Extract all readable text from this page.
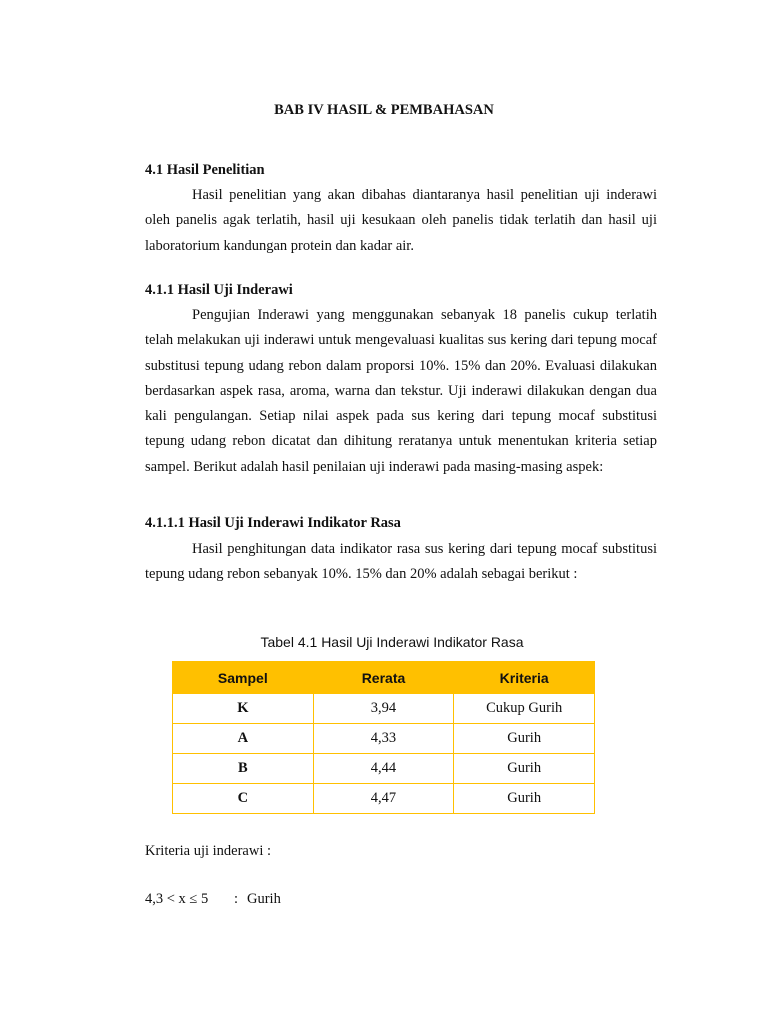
BAB IV HASIL & PEMBAHASAN
4.1 Hasil Penelitian

Hasil penelitian yang akan dibahas diantaranya hasil penelitian uji inderawi oleh panelis agak terlatih, hasil uji kesukaan oleh panelis tidak terlatih dan hasil uji laboratorium kandungan protein dan kadar air.

4.1.1 Hasil Uji Inderawi

Pengujian Inderawi yang menggunakan sebanyak 18 panelis cukup terlatih telah melakukan uji inderawi untuk mengevaluasi kualitas sus kering dari tepung mocaf substitusi tepung udang rebon dalam proporsi 10%. 15% dan 20%. Evaluasi dilakukan berdasarkan aspek rasa, aroma, warna dan tekstur. Uji inderawi dilakukan dengan dua kali pengulangan. Setiap nilai aspek pada sus kering dari tepung mocaf substitusi tepung udang rebon dicatat dan dihitung reratanya untuk menentukan kriteria setiap sampel. Berikut adalah hasil penilaian uji inderawi pada masing-masing aspek:

4.1.1.1 Hasil Uji Inderawi Indikator Rasa

Hasil penghitungan data indikator rasa sus kering dari tepung mocaf substitusi tepung udang rebon sebanyak 10%. 15% dan 20% adalah sebagai berikut :

Tabel 4.1 Hasil Uji Inderawi Indikator Rasa
Sampel	Rerata	Kriteria
K	3,94	Cukup Gurih
A	4,33	Gurih
B	4,44	Gurih
C	4,47	Gurih
Kriteria uji inderawi :
4,3 < x ≤ 5 : Gurih
